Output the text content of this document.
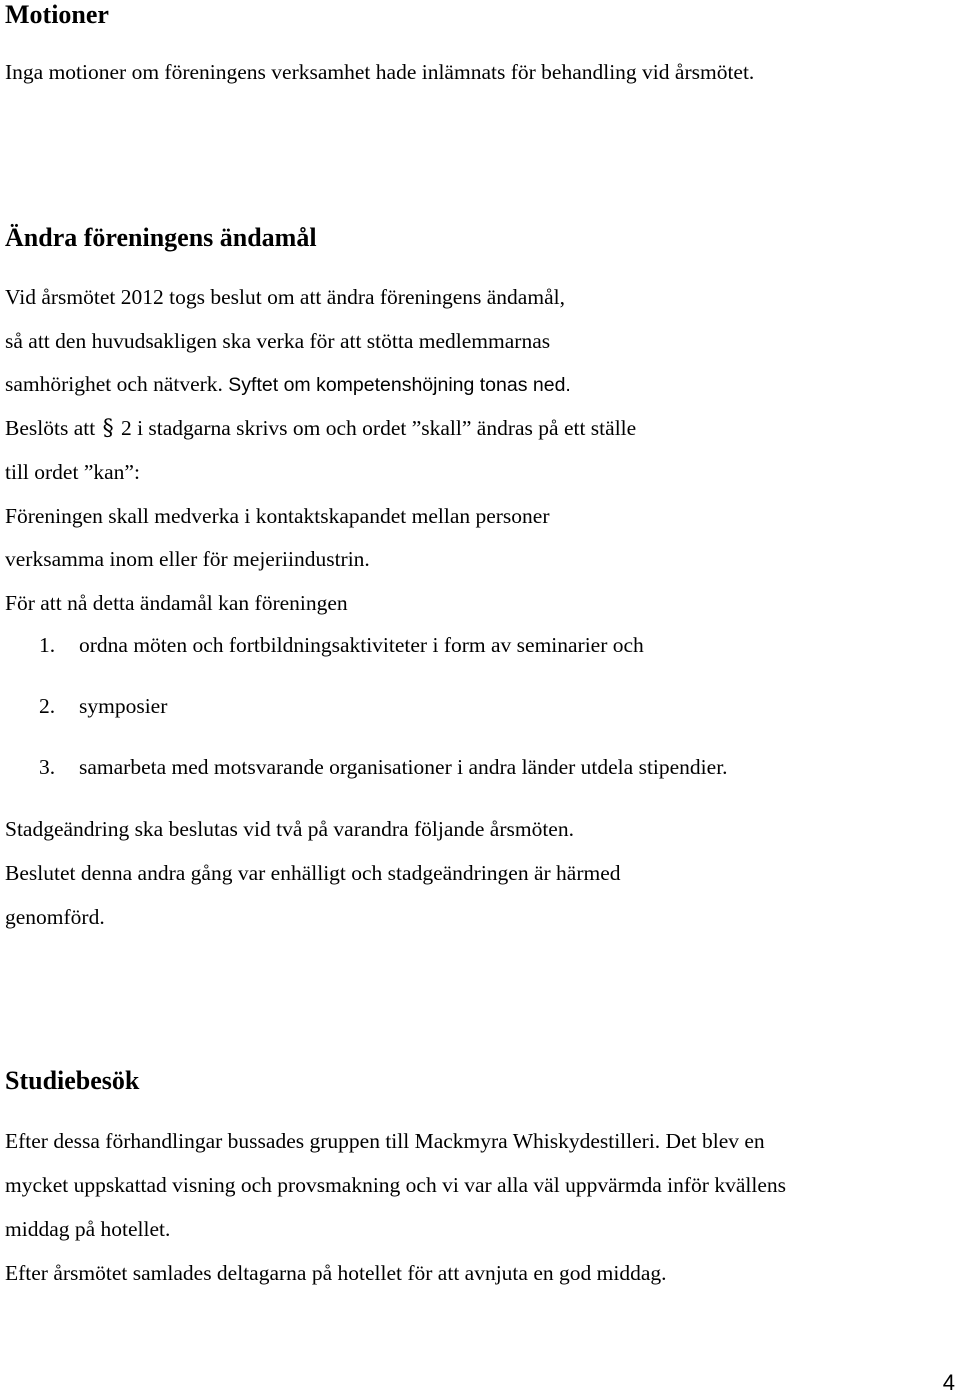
Motioner

Inga motioner om föreningens verksamhet hade inlämnats för behandling vid årsmötet.

Ändra föreningens ändamål

Vid årsmötet 2012 togs beslut om att ändra föreningens ändamål,

så att den huvudsakligen ska verka för att stötta medlemmarnas

samhörighet och nätverk. Syftet om kompetenshöjning tonas ned.

Beslöts att § 2 i stadgarna skrivs om och ordet ”skall” ändras på ett ställe

till ordet ”kan”:

Föreningen skall medverka i kontaktskapandet mellan personer

verksamma inom eller för mejeriindustrin.

För att nå detta ändamål kan föreningen

1. ordna möten och fortbildningsaktiviteter i form av seminarier och
2. symposier
3. samarbeta med motsvarande organisationer i andra länder utdela stipendier.

Stadgeändring ska beslutas vid två på varandra följande årsmöten.

Beslutet denna andra gång var enhälligt och stadgeändringen är härmed

genomförd.

Studiebesök

Efter dessa förhandlingar bussades gruppen till Mackmyra Whiskydestilleri. Det blev en

mycket uppskattad visning och provsmakning och vi var alla väl uppvärmda inför kvällens

middag på hotellet.

Efter årsmötet samlades deltagarna på hotellet för att avnjuta en god middag.

4
